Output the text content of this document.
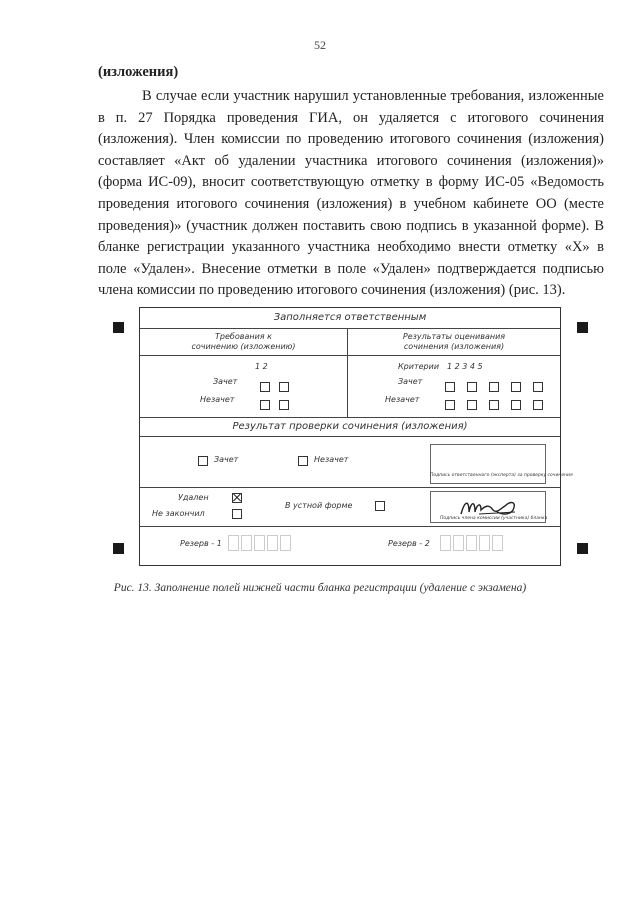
52
(изложения)

В случае если участник нарушил установленные требования, изложенные в п. 27 Порядка проведения ГИА, он удаляется с итогового сочинения (изложения). Член комиссии по проведению итогового сочинения (изложения) составляет «Акт об удалении участника итогового сочинения (изложения)» (форма ИС-09), вносит соответствующую отметку в форму ИС-05 «Ведомость проведения итогового сочинения (изложения) в учебном кабинете ОО (месте проведения)» (участник должен поставить свою подпись в указанной форме). В бланке регистрации указанного участника необходимо внести отметку «Х» в поле «Удален». Внесение отметки в поле «Удален» подтверждается подписью члена комиссии по проведению итогового сочинения (изложения) (рис. 13).

Заполняется ответственным
Требования к
сочинению (изложению)
Результаты оценивания
сочинения (изложения)
1 2
Зачет

Незачет

Критерии 1 2 3 4 5
Зачет

Незачет

Результат проверки сочинения (изложения)
Зачет	Незачет
Подпись ответственного (эксперта) за проверку сочинения
Удален
Не закончил
В устной форме
Подпись члена комиссии (участника) бланка
Резерв - 1	Резерв - 2
Рис. 13. Заполнение полей нижней части бланка регистрации (удаление с экзамена)
